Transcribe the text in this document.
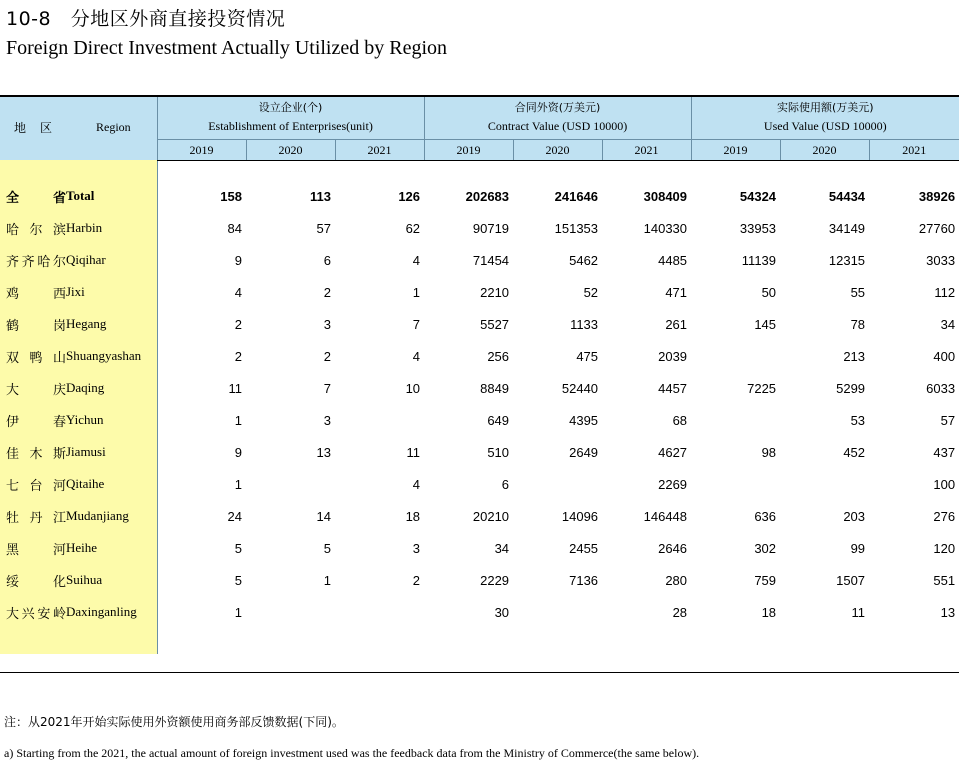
10-8 分地区外商直接投资情况
Foreign Direct Investment Actually Utilized by Region
地区 Region	设立企业(个)
Establishment of Enterprises(unit)			合同外资(万美元)
Contract Value (USD 10000)			实际使用额(万美元)
Used Value (USD 10000)		

	2019	2020	2021	2019	2020	2021	2019	2020	2021

全 省 Total	158	113	126	202683	241646	308409	54324	54434	38926

哈 尔 滨 Harbin	84	57	62	90719	151353	140330	33953	34149	27760

齐 齐 哈 尔 Qiqihar	9	6	4	71454	5462	4485	11139	12315	3033

鸡 西 Jixi	4	2	1	2210	52	471	50	55	112

鹤 岗 Hegang	2	3	7	5527	1133	261	145	78	34

双 鸭 山 Shuangyashan	2	2	4	256	475	2039		213	400

大 庆 Daqing	11	7	10	8849	52440	4457	7225	5299	6033

伊 春 Yichun	1	3		649	4395	68		53	57

佳 木 斯 Jiamusi	9	13	11	510	2649	4627	98	452	437

七 台 河 Qitaihe	1		4	6		2269			100

牡 丹 江 Mudanjiang	24	14	18	20210	14096	146448	636	203	276

黑 河 Heihe	5	5	3	34	2455	2646	302	99	120

绥 化 Suihua	5	1	2	2229	7136	280	759	1507	551

大 兴 安 岭 Daxinganling	1			30		28	18	11	13

注：从2021年开始实际使用外资额使用商务部反馈数据(下同)。
a) Starting from the 2021, the actual amount of foreign investment used was the feedback data from the Ministry of Commerce(the same below).
